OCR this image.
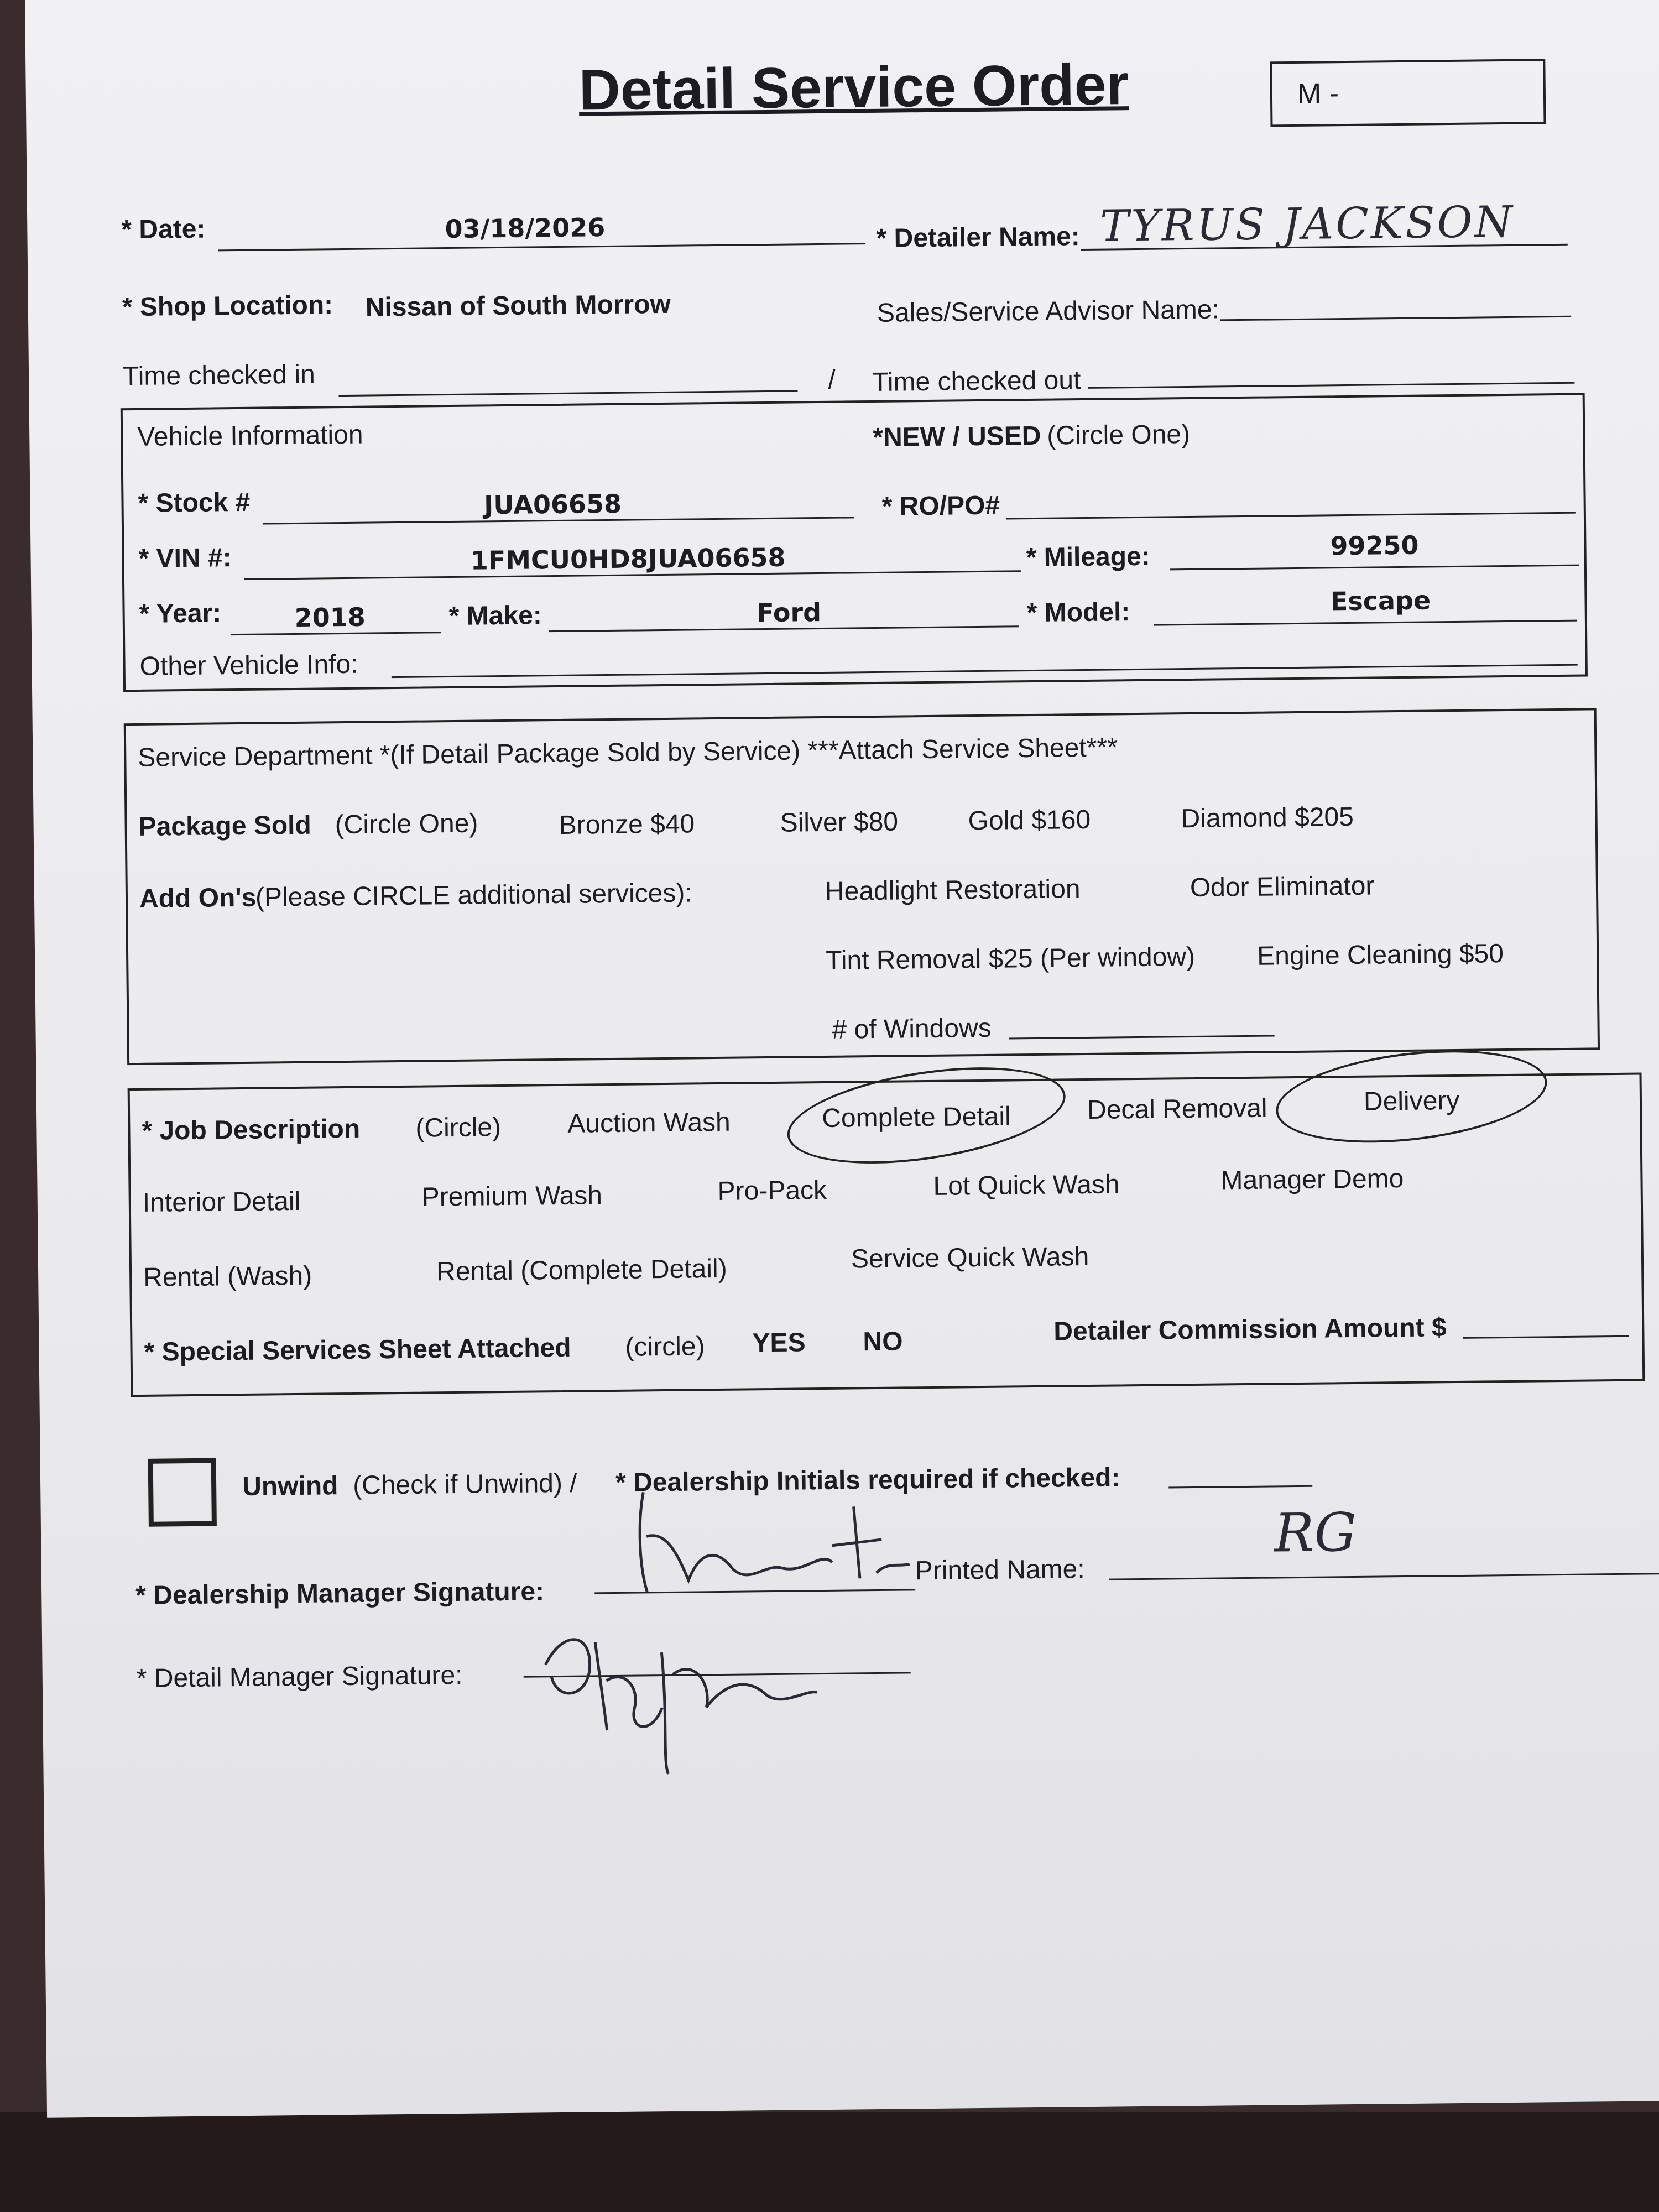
Detail Service Order	M -
* Date:	03/18/2026	* Detailer Name: TYRUS JACKSON
* Shop Location: Nissan of South Morrow	Sales/Service Advisor Name:
Time checked in	/ Time checked out
Vehicle Information	*NEW / USED (Circle One)
* Stock #	JUA06658	* RO/PO#
* VIN #:	1FMCU0HD8JUA06658	* Mileage:	99250
* Year:	2018	* Make:	Ford	* Model:	Escape
Other Vehicle Info:
Service Department *(If Detail Package Sold by Service) ***Attach Service Sheet***
Package Sold (Circle One)	Bronze $40	Silver $80	Gold $160	Diamond $205
Add On's
(Please CIRCLE additional services):	Headlight Restoration	Odor Eliminator
Tint Removal $25 (Per window) Engine Cleaning $50
# of Windows
* Job Description (Circle) Auction Wash	Complete Detail	Decal Removal	Delivery
Interior Detail	Premium Wash	Pro-Pack	Lot Quick Wash	Manager Demo
Rental (Wash)	Rental (Complete Detail)	Service Quick Wash
* Special Services Sheet Attached (circle) YES NO	Detailer Commission Amount $
Unwind (Check if Unwind) / * Dealership Initials required if checked:
* Dealership Manager Signature:
Printed Name:
RG
* Detail Manager Signature:
